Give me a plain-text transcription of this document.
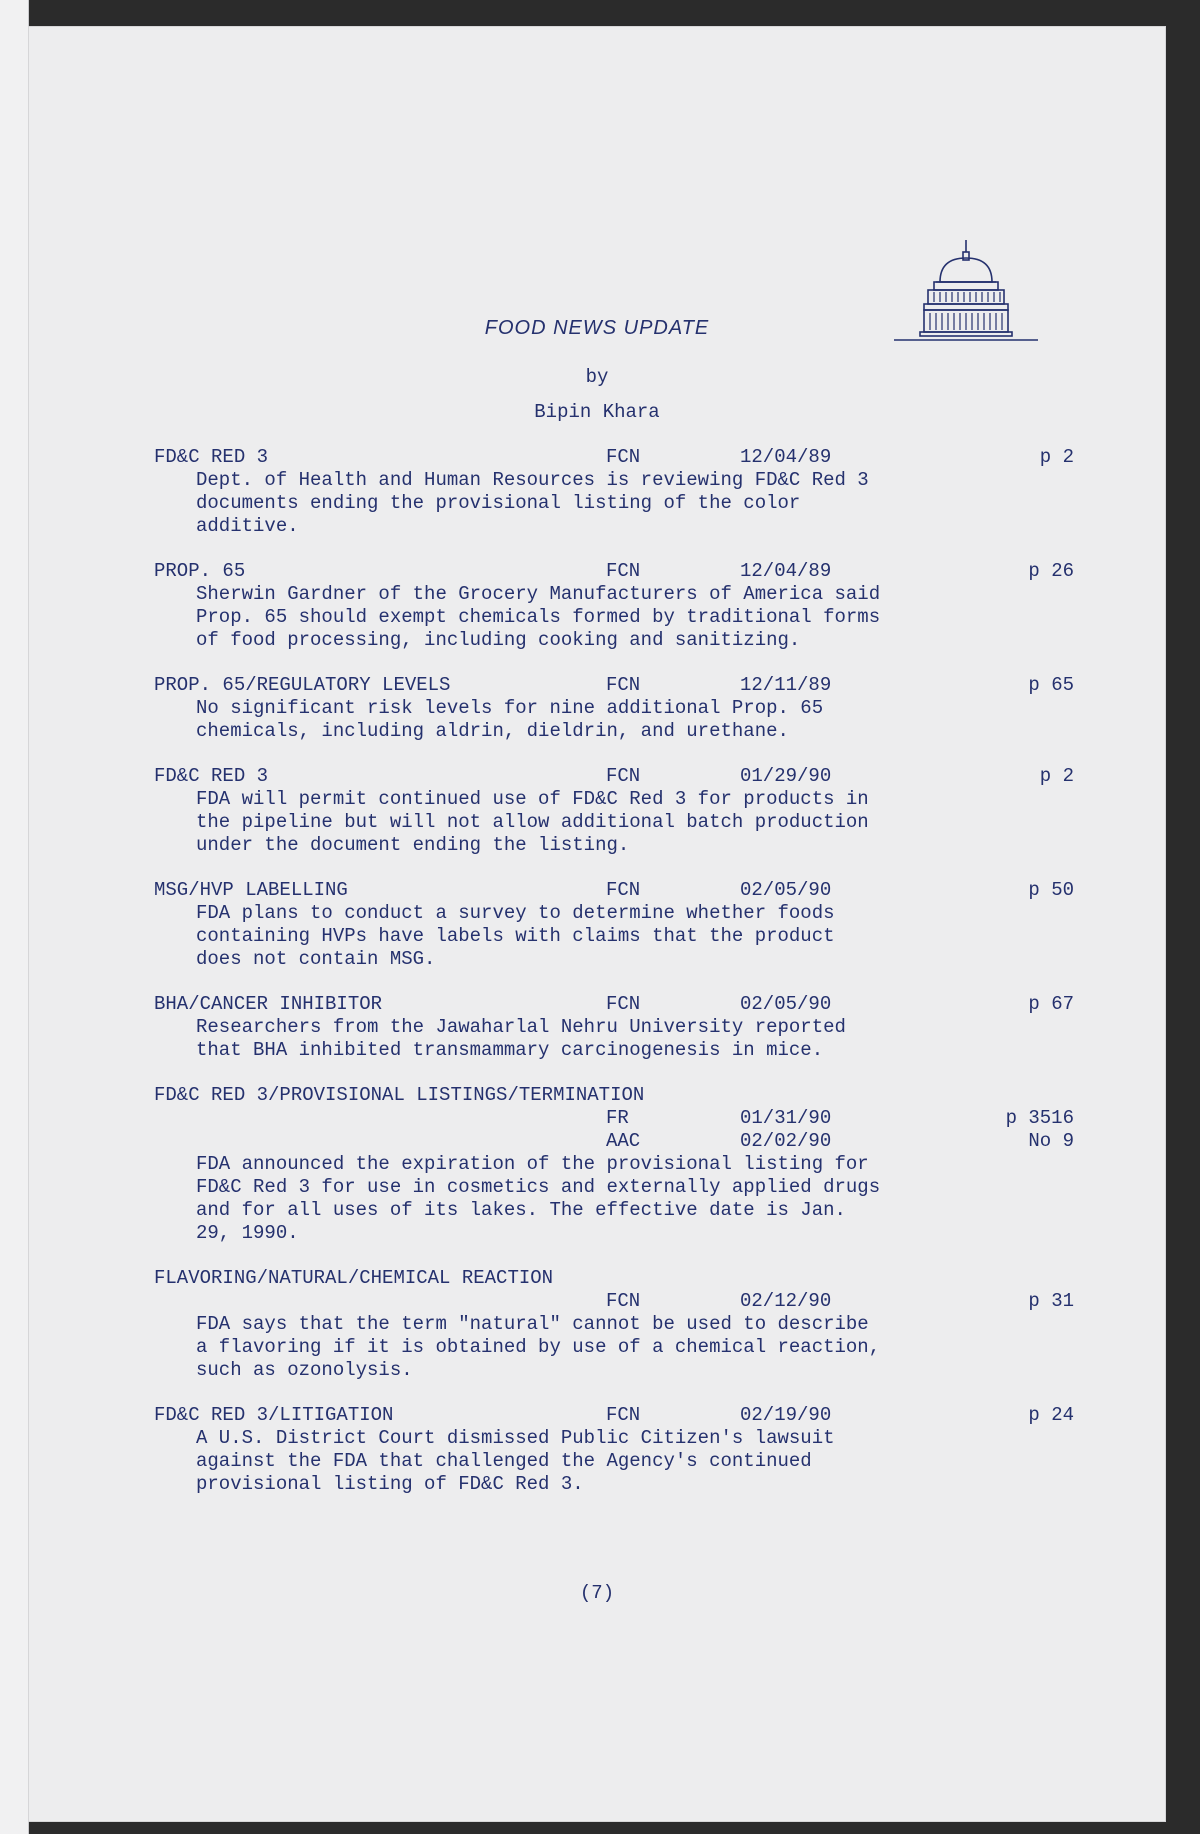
FOOD NEWS UPDATE
by
Bipin Khara
FD&C RED 3	FCN	12/04/89	p 2
Dept. of Health and Human Resources is reviewing FD&C Red 3
documents ending the provisional listing of the color
additive.
PROP. 65	FCN	12/04/89	p 26
Sherwin Gardner of the Grocery Manufacturers of America said
Prop. 65 should exempt chemicals formed by traditional forms
of food processing, including cooking and sanitizing.
PROP. 65/REGULATORY LEVELS	FCN	12/11/89	p 65
No significant risk levels for nine additional Prop. 65
chemicals, including aldrin, dieldrin, and urethane.
FD&C RED 3	FCN	01/29/90	p 2
FDA will permit continued use of FD&C Red 3 for products in
the pipeline but will not allow additional batch production
under the document ending the listing.
MSG/HVP LABELLING	FCN	02/05/90	p 50
FDA plans to conduct a survey to determine whether foods
containing HVPs have labels with claims that the product
does not contain MSG.
BHA/CANCER INHIBITOR	FCN	02/05/90	p 67
Researchers from the Jawaharlal Nehru University reported
that BHA inhibited transmammary carcinogenesis in mice.
FD&C RED 3/PROVISIONAL LISTINGS/TERMINATION
FR	01/31/90	p 3516
AAC	02/02/90	No 9
FDA announced the expiration of the provisional listing for
FD&C Red 3 for use in cosmetics and externally applied drugs
and for all uses of its lakes. The effective date is Jan.
29, 1990.
FLAVORING/NATURAL/CHEMICAL REACTION
FCN	02/12/90	p 31
FDA says that the term "natural" cannot be used to describe
a flavoring if it is obtained by use of a chemical reaction,
such as ozonolysis.
FD&C RED 3/LITIGATION	FCN	02/19/90	p 24
A U.S. District Court dismissed Public Citizen's lawsuit
against the FDA that challenged the Agency's continued
provisional listing of FD&C Red 3.
(7)
